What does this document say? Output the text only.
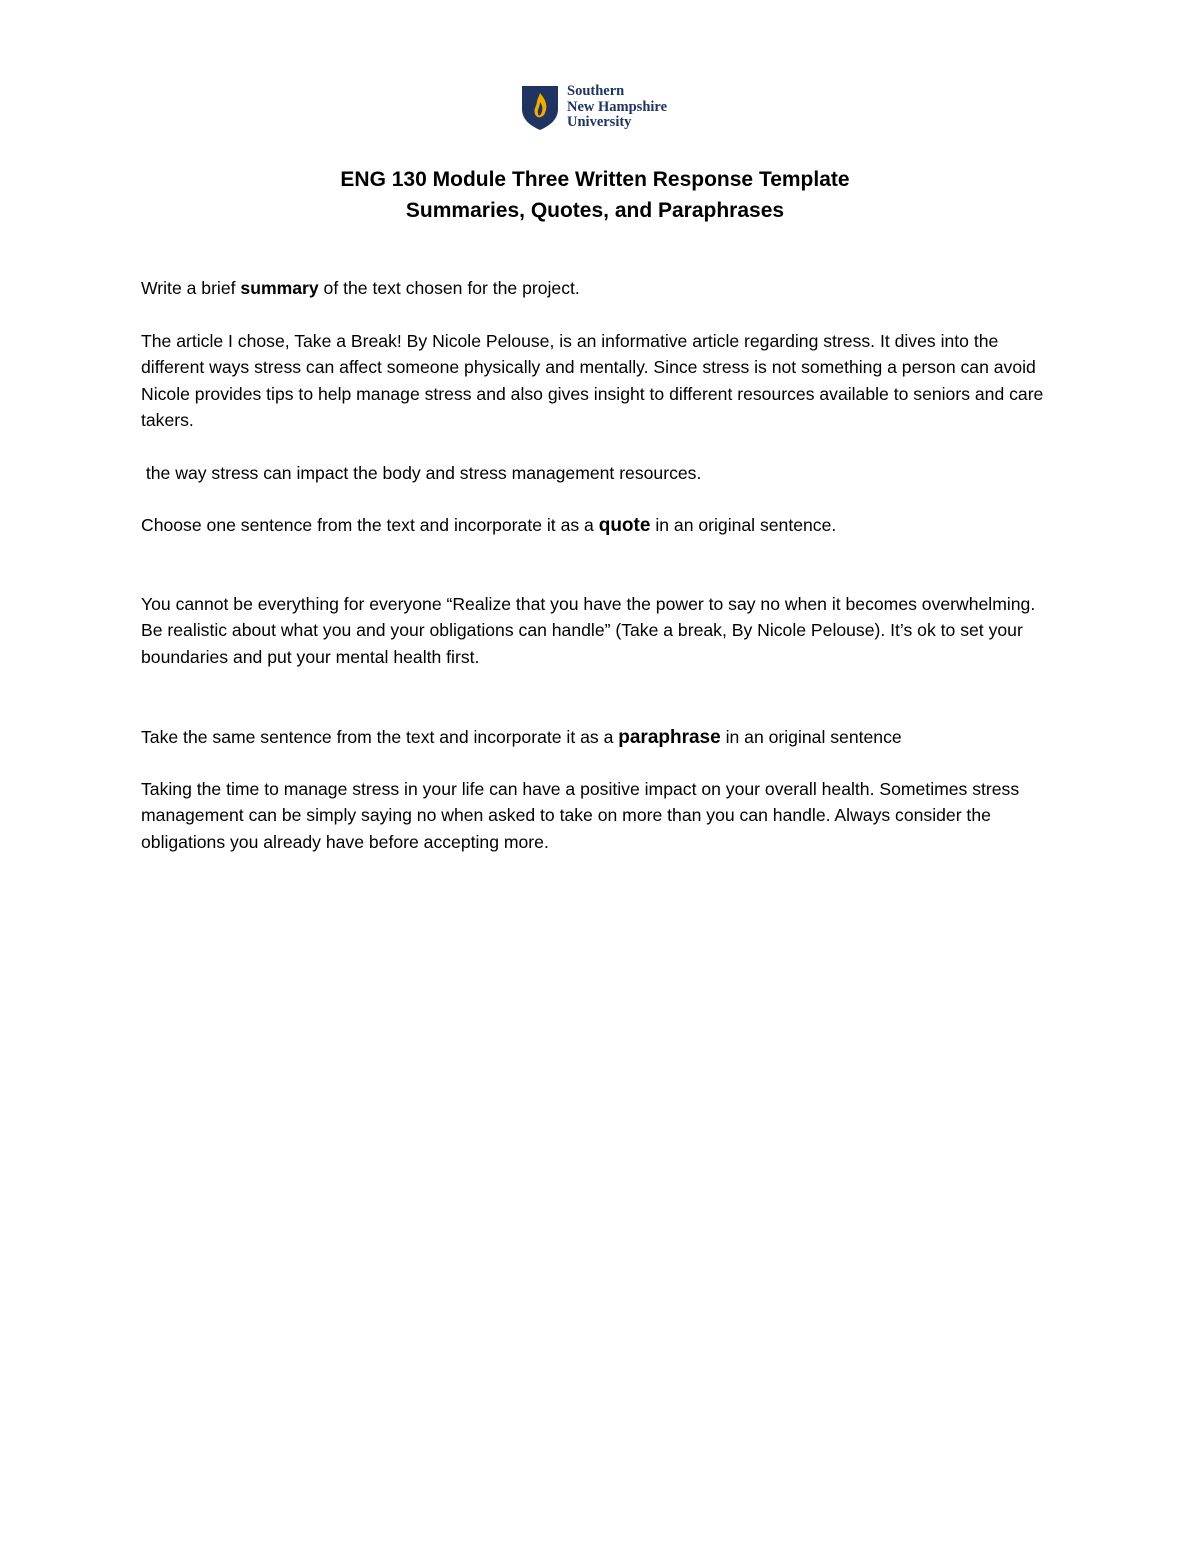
Southern
New Hampshire
University
ENG 130 Module Three Written Response Template
Summaries, Quotes, and Paraphrases
Write a brief summary of the text chosen for the project.
The article I chose, Take a Break! By Nicole Pelouse, is an informative article regarding stress. It dives into the different ways stress can affect someone physically and mentally. Since stress is not something a person can avoid Nicole provides tips to help manage stress and also gives insight to different resources available to seniors and care takers.
the way stress can impact the body and stress management resources.
Choose one sentence from the text and incorporate it as a quote in an original sentence.
You cannot be everything for everyone “Realize that you have the power to say no when it becomes overwhelming. Be realistic about what you and your obligations can handle” (Take a break, By Nicole Pelouse). It’s ok to set your boundaries and put your mental health first.
Take the same sentence from the text and incorporate it as a paraphrase in an original sentence
Taking the time to manage stress in your life can have a positive impact on your overall health. Sometimes stress management can be simply saying no when asked to take on more than you can handle. Always consider the obligations you already have before accepting more.
